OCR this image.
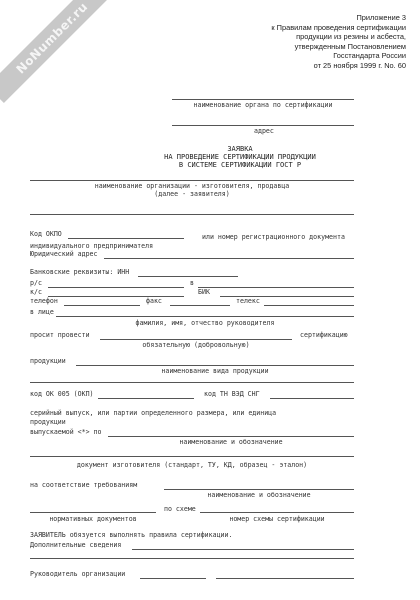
NoNumber.ru	Приложение 3
к Правилам проведения сертификации
продукции из резины и асбеста,
утвержденным Постановлением
Госстандарта России
от 25 ноября 1999 г. No. 60
наименование органа по сертификации
адрес
ЗАЯВКА
НА ПРОВЕДЕНИЕ СЕРТИФИКАЦИИ ПРОДУКЦИИ
В СИСТЕМЕ СЕРТИФИКАЦИИ ГОСТ Р
наименование организации - изготовителя, продавца
(далее - заявителя)
Код ОКПО	или номер регистрационного документа
индивидуального предпринимателя
Юридический адрес
Банковские реквизиты: ИНН
р/с	в
к/с	БИК
телефон	факс	телекс
в лице
фамилия, имя, отчество руководителя
просит провести	сертификацию
обязательную (добровольную)
продукции
наименование вида продукции
код ОК 005 (ОКП)	код ТН ВЭД СНГ
серийный выпуск, или партии определенного размера, или единица
продукции
выпускаемой <*> по
наименование и обозначение
документ изготовителя (стандарт, ТУ, КД, образец - эталон)
на соответствие требованиям
наименование и обозначение
по схеме
нормативных документов	номер схемы сертификации
ЗАЯВИТЕЛЬ обязуется выполнять правила сертификации.
Дополнительные сведения
Руководитель организации
